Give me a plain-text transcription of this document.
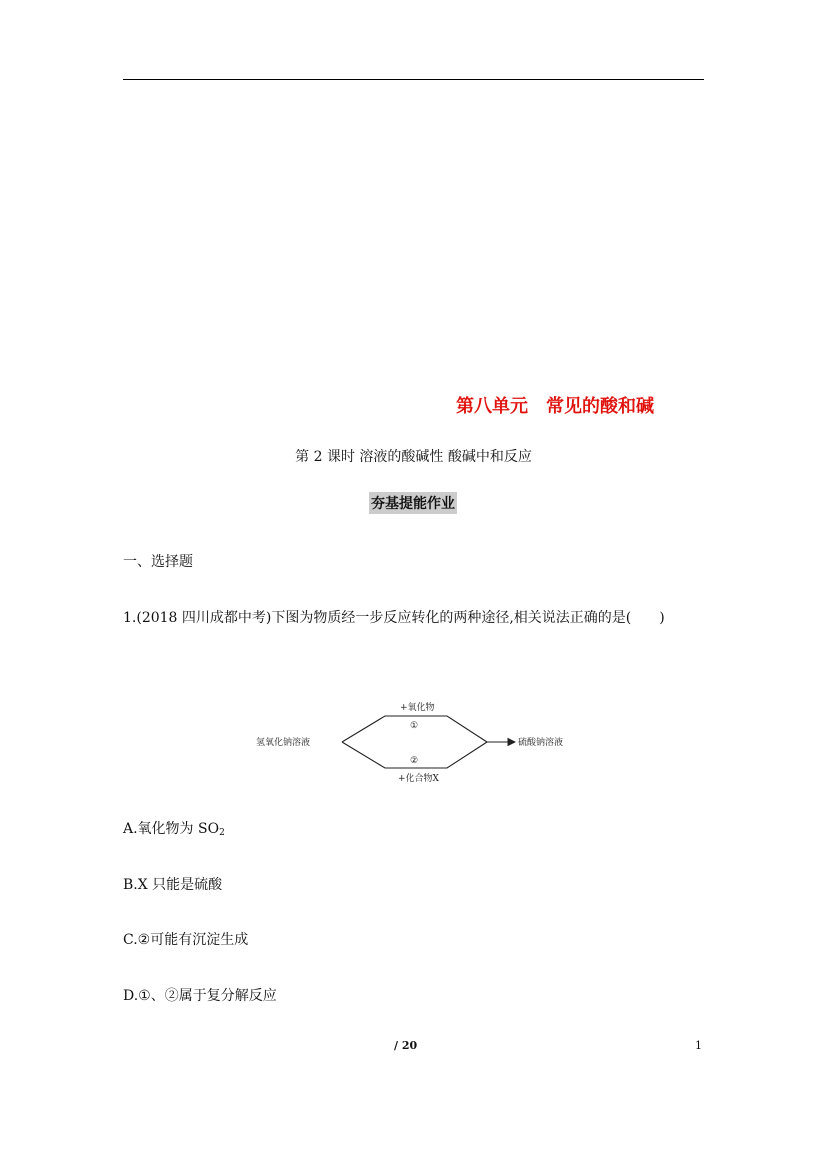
第八单元　常见的酸和碱
第 2 课时 溶液的酸碱性 酸碱中和反应
夯基提能作业
一、选择题
1.(2018 四川成都中考)下图为物质经一步反应转化的两种途径,相关说法正确的是(　　)
氢氧化钠溶液	硫酸钠溶液
+氧化物
①
②
+化合物X
A.氧化物为 $SO_2$
B.X 只能是硫酸
C.②可能有沉淀生成
D.①、②属于复分解反应
/ 20	1
